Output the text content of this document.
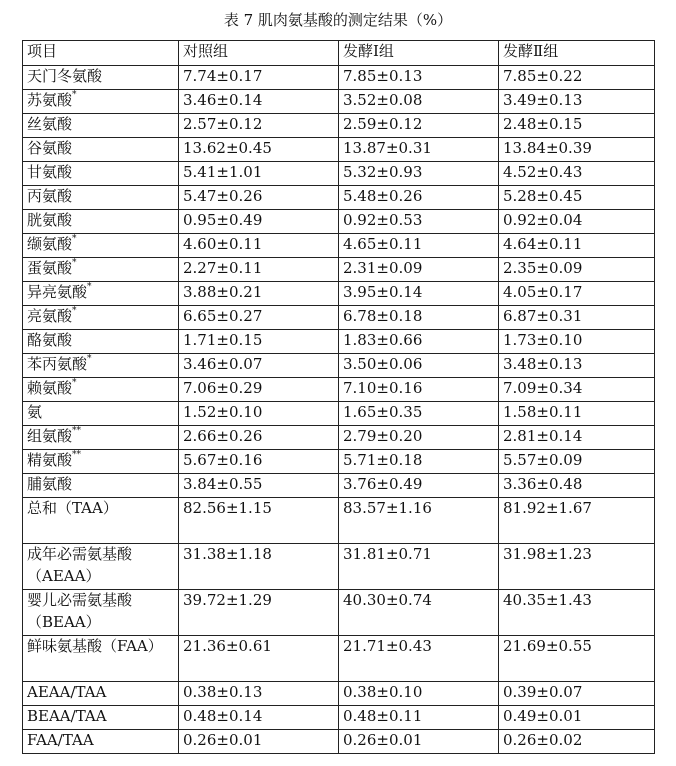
表 7 肌肉氨基酸的测定结果（%）
项目	对照组	发酵Ⅰ组	发酵Ⅱ组
天门冬氨酸	7.74±0.17	7.85±0.13	7.85±0.22
苏氨酸*	3.46±0.14	3.52±0.08	3.49±0.13
丝氨酸	2.57±0.12	2.59±0.12	2.48±0.15
谷氨酸	13.62±0.45	13.87±0.31	13.84±0.39
甘氨酸	5.41±1.01	5.32±0.93	4.52±0.43
丙氨酸	5.47±0.26	5.48±0.26	5.28±0.45
胱氨酸	0.95±0.49	0.92±0.53	0.92±0.04
缬氨酸*	4.60±0.11	4.65±0.11	4.64±0.11
蛋氨酸*	2.27±0.11	2.31±0.09	2.35±0.09
异亮氨酸*	3.88±0.21	3.95±0.14	4.05±0.17
亮氨酸*	6.65±0.27	6.78±0.18	6.87±0.31
酪氨酸	1.71±0.15	1.83±0.66	1.73±0.10
苯丙氨酸*	3.46±0.07	3.50±0.06	3.48±0.13
赖氨酸*	7.06±0.29	7.10±0.16	7.09±0.34
氨	1.52±0.10	1.65±0.35	1.58±0.11
组氨酸**	2.66±0.26	2.79±0.20	2.81±0.14
精氨酸**	5.67±0.16	5.71±0.18	5.57±0.09
脯氨酸	3.84±0.55	3.76±0.49	3.36±0.48
总和（TAA）	82.56±1.15	83.57±1.16	81.92±1.67
成年必需氨基酸（AEAA）	31.38±1.18	31.81±0.71	31.98±1.23
婴儿必需氨基酸（BEAA）	39.72±1.29	40.30±0.74	40.35±1.43
鲜味氨基酸（FAA）	21.36±0.61	21.71±0.43	21.69±0.55
AEAA/TAA	0.38±0.13	0.38±0.10	0.39±0.07
BEAA/TAA	0.48±0.14	0.48±0.11	0.49±0.01
FAA/TAA	0.26±0.01	0.26±0.01	0.26±0.02
